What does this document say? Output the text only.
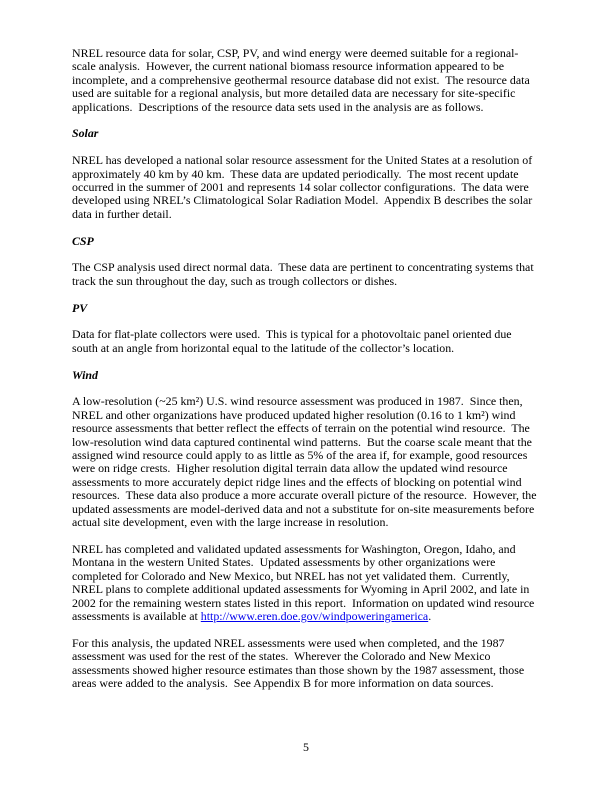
NREL resource data for solar, CSP, PV, and wind energy were deemed suitable for a regional-scale analysis.  However, the current national biomass resource information appeared to be incomplete, and a comprehensive geothermal resource database did not exist.  The resource data used are suitable for a regional analysis, but more detailed data are necessary for site-specific applications.  Descriptions of the resource data sets used in the analysis are as follows.

Solar

NREL has developed a national solar resource assessment for the United States at a resolution of approximately 40 km by 40 km.  These data are updated periodically.  The most recent update occurred in the summer of 2001 and represents 14 solar collector configurations.  The data were developed using NREL’s Climatological Solar Radiation Model.  Appendix B describes the solar data in further detail.

CSP

The CSP analysis used direct normal data.  These data are pertinent to concentrating systems that track the sun throughout the day, such as trough collectors or dishes.

PV

Data for flat-plate collectors were used.  This is typical for a photovoltaic panel oriented due south at an angle from horizontal equal to the latitude of the collector’s location.

Wind

A low-resolution (~25 km²) U.S. wind resource assessment was produced in 1987.  Since then, NREL and other organizations have produced updated higher resolution (0.16 to 1 km²) wind resource assessments that better reflect the effects of terrain on the potential wind resource.  The low-resolution wind data captured continental wind patterns.  But the coarse scale meant that the assigned wind resource could apply to as little as 5% of the area if, for example, good resources were on ridge crests.  Higher resolution digital terrain data allow the updated wind resource assessments to more accurately depict ridge lines and the effects of blocking on potential wind resources.  These data also produce a more accurate overall picture of the resource.  However, the updated assessments are model-derived data and not a substitute for on-site measurements before actual site development, even with the large increase in resolution.

NREL has completed and validated updated assessments for Washington, Oregon, Idaho, and Montana in the western United States.  Updated assessments by other organizations were completed for Colorado and New Mexico, but NREL has not yet validated them.  Currently, NREL plans to complete additional updated assessments for Wyoming in April 2002, and late in 2002 for the remaining western states listed in this report.  Information on updated wind resource assessments is available at http://www.eren.doe.gov/windpoweringamerica.

For this analysis, the updated NREL assessments were used when completed, and the 1987 assessment was used for the rest of the states.  Wherever the Colorado and New Mexico assessments showed higher resource estimates than those shown by the 1987 assessment, those areas were added to the analysis.  See Appendix B for more information on data sources.

5
